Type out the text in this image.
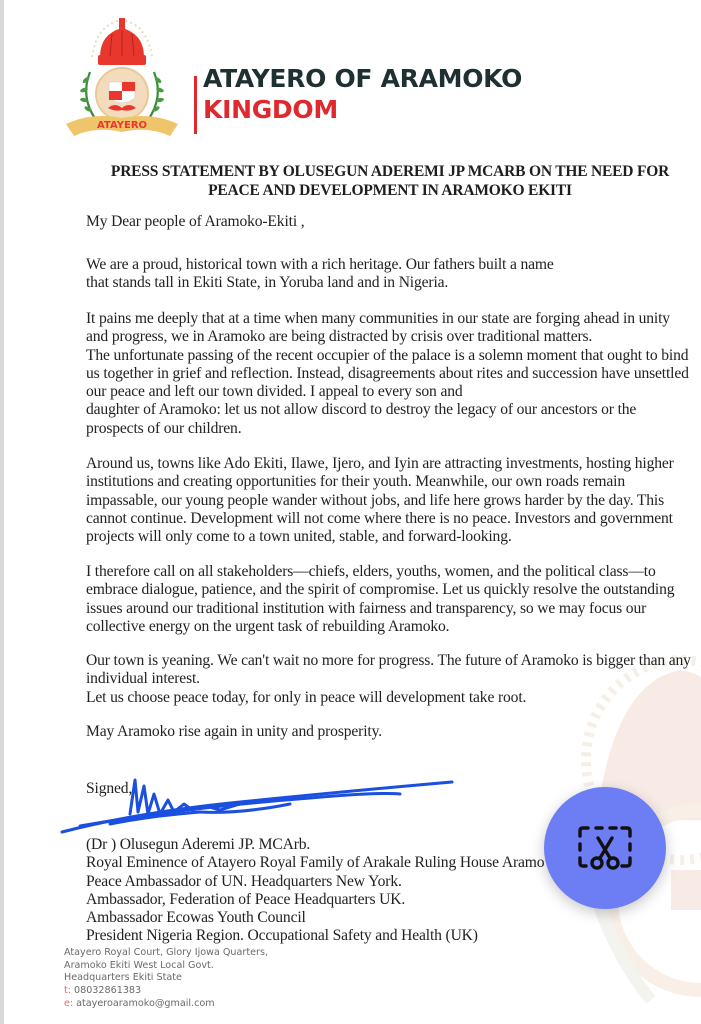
ATAYERO
ATAYERO OF ARAMOKO
KINGDOM
PRESS STATEMENT BY OLUSEGUN ADEREMI JP MCARB ON THE NEED FOR
PEACE AND DEVELOPMENT IN ARAMOKO EKITI
My Dear people of Aramoko-Ekiti ,
We are a proud, historical town with a rich heritage. Our fathers built a name
that stands tall in Ekiti State, in Yoruba land and in Nigeria.
It pains me deeply that at a time when many communities in our state are forging ahead in unity
and progress, we in Aramoko are being distracted by crisis over traditional matters.
The unfortunate passing of the recent occupier of the palace is a solemn moment that ought to bind
us together in grief and reflection. Instead, disagreements about rites and succession have unsettled
our peace and left our town divided. I appeal to every son and
daughter of Aramoko: let us not allow discord to destroy the legacy of our ancestors or the
prospects of our children.
Around us, towns like Ado Ekiti, Ilawe, Ijero, and Iyin are attracting investments, hosting higher
institutions and creating opportunities for their youth. Meanwhile, our own roads remain
impassable, our young people wander without jobs, and life here grows harder by the day. This
cannot continue. Development will not come where there is no peace. Investors and government
projects will only come to a town united, stable, and forward-looking.
I therefore call on all stakeholders—chiefs, elders, youths, women, and the political class—to
embrace dialogue, patience, and the spirit of compromise. Let us quickly resolve the outstanding
issues around our traditional institution with fairness and transparency, so we may focus our
collective energy on the urgent task of rebuilding Aramoko.
Our town is yeaning. We can't wait no more for progress. The future of Aramoko is bigger than any
individual interest.
Let us choose peace today, for only in peace will development take root.
May Aramoko rise again in unity and prosperity.
Signed,
(Dr ) Olusegun Aderemi JP. MCArb.
Royal Eminence of Atayero Royal Family of Arakale Ruling House Aramo
Peace Ambassador of UN. Headquarters New York.
Ambassador, Federation of Peace Headquarters UK.
Ambassador Ecowas Youth Council
President Nigeria Region. Occupational Safety and Health (UK)
Atayero Royal Court, Glory Ijowa Quarters,
Aramoko Ekiti West Local Govt.
Headquarters Ekiti State
t: 08032861383
e: atayeroaramoko@gmail.com
